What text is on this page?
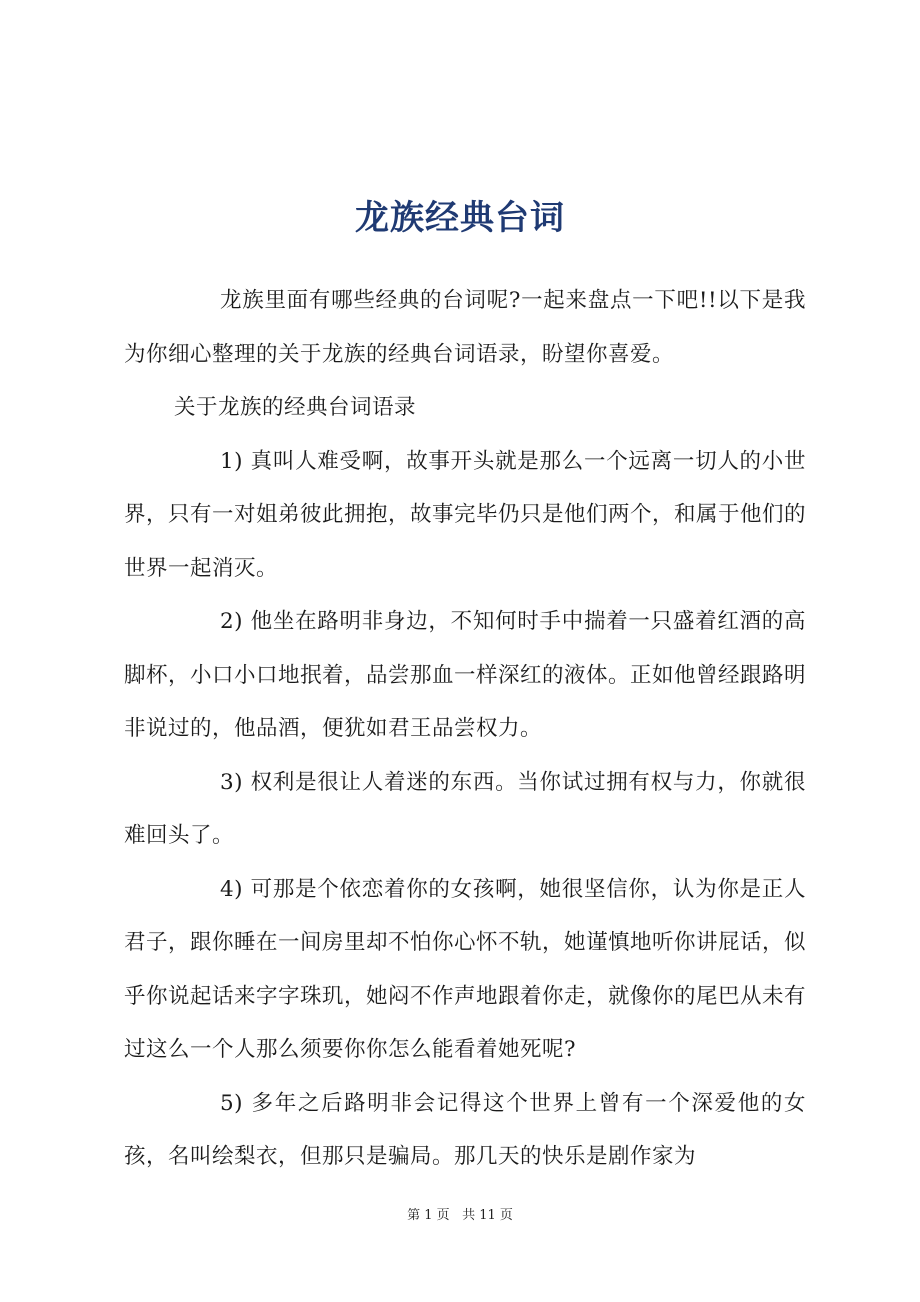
龙族经典台词

龙族里面有哪些经典的台词呢?一起来盘点一下吧!!以下是我为你细心整理的关于龙族的经典台词语录，盼望你喜爱。

关于龙族的经典台词语录

1) 真叫人难受啊，故事开头就是那么一个远离一切人的小世界，只有一对姐弟彼此拥抱，故事完毕仍只是他们两个，和属于他们的世界一起消灭。

2) 他坐在路明非身边，不知何时手中揣着一只盛着红酒的高脚杯，小口小口地抿着，品尝那血一样深红的液体。正如他曾经跟路明非说过的，他品酒，便犹如君王品尝权力。

3) 权利是很让人着迷的东西。当你试过拥有权与力，你就很难回头了。

4) 可那是个依恋着你的女孩啊，她很坚信你，认为你是正人君子，跟你睡在一间房里却不怕你心怀不轨，她谨慎地听你讲屁话，似乎你说起话来字字珠玑，她闷不作声地跟着你走，就像你的尾巴从未有过这么一个人那么须要你你怎么能看着她死呢?

5) 多年之后路明非会记得这个世界上曾有一个深爱他的女孩，名叫绘梨衣，但那只是骗局。那几天的快乐是剧作家为

第 1 页 共 11 页
